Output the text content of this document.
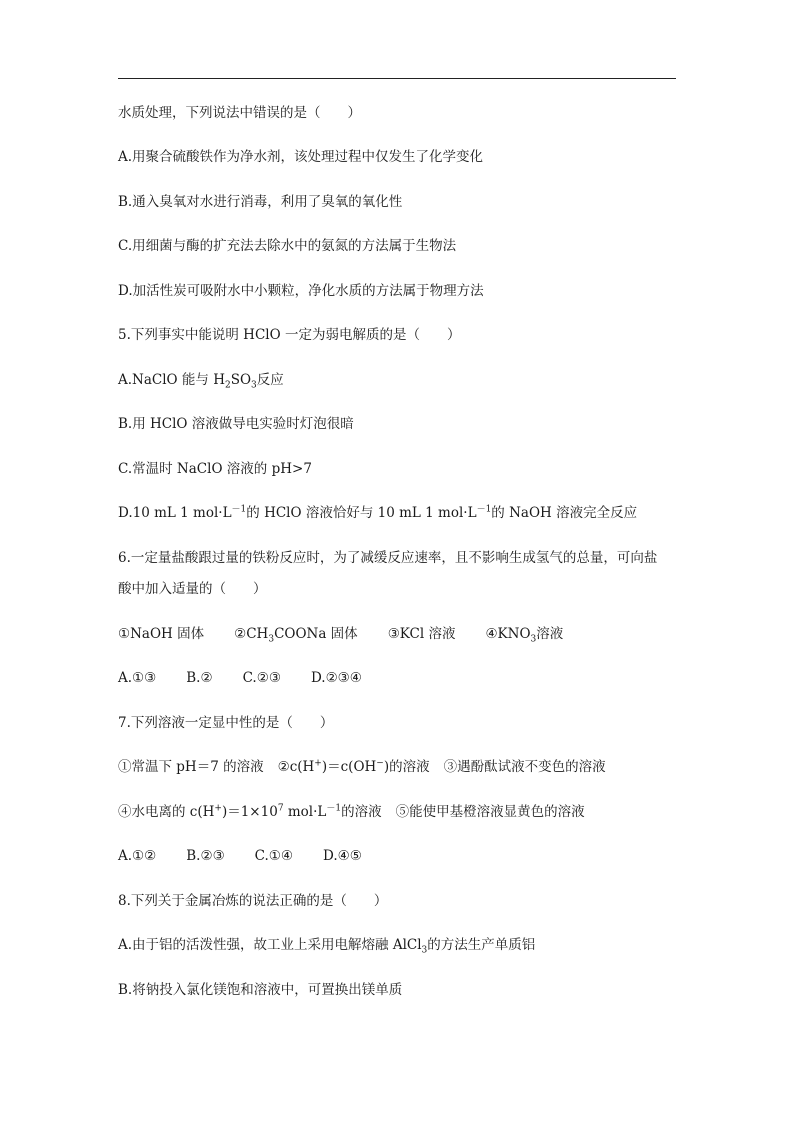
水质处理，下列说法中错误的是（　　）
A.用聚合硫酸铁作为净水剂，该处理过程中仅发生了化学变化
B.通入臭氧对水进行消毒，利用了臭氧的氧化性
C.用细菌与酶的扩充法去除水中的氨氮的方法属于生物法
D.加活性炭可吸附水中小颗粒，净化水质的方法属于物理方法
5.下列事实中能说明 HClO 一定为弱电解质的是（　　）
A.NaClO 能与 $H_2SO_3$反应
B.用 HClO 溶液做导电实验时灯泡很暗
C.常温时 NaClO 溶液的 pH>7
D.10 mL 1 $mol\cdot L^{-1}$的 HClO 溶液恰好与 10 mL 1 $mol\cdot L^{-1}$的 NaOH 溶液完全反应
6.一定量盐酸跟过量的铁粉反应时，为了减缓反应速率，且不影响生成氢气的总量，可向盐
酸中加入适量的（　　）
①NaOH 固体 $②CH_3COONa$ 固体 ③KCl 溶液 $④KNO_3$溶液
A.①③ B.② C.②③ D.②③④
7.下列溶液一定显中性的是（　　）
①常温下 pH＝7 的溶液 ②c(H+)＝c(OH−)的溶液 ③遇酚酞试液不变色的溶液
④水电离的 $c(H^+)=1\times 10^7$ $mol\cdot L^{-1}$的溶液 ⑤能使甲基橙溶液显黄色的溶液
A.①② B.②③ C.①④ D.④⑤
8.下列关于金属冶炼的说法正确的是（　　）
A.由于铝的活泼性强，故工业上采用电解熔融 AlCl$_3$的方法生产单质铝
B.将钠投入氯化镁饱和溶液中，可置换出镁单质
